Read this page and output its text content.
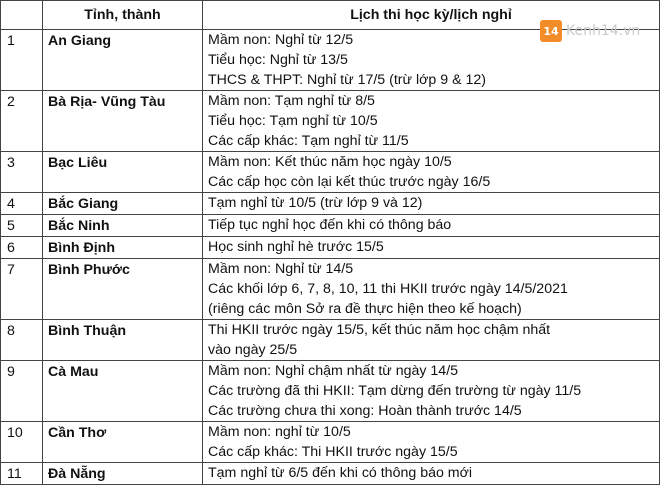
	Tỉnh, thành	Lịch thi học kỳ/lịch nghỉ

1	An Giang	Mầm non: Nghỉ từ 12/5
Tiểu học: Nghỉ từ 13/5
THCS & THPT: Nghỉ từ 17/5 (trừ lớp 9 & 12)

2	Bà Rịa- Vũng Tàu	Mầm non: Tạm nghỉ từ 8/5
Tiểu học: Tạm nghỉ từ 10/5
Các cấp khác: Tạm nghỉ từ 11/5

3	Bạc Liêu	Mầm non: Kết thúc năm học ngày 10/5
Các cấp học còn lại kết thúc trước ngày 16/5

4	Bắc Giang	Tạm nghỉ từ 10/5 (trừ lớp 9 và 12)

5	Bắc Ninh	Tiếp tục nghỉ học đến khi có thông báo

6	Bình Định	Học sinh nghỉ hè trước 15/5

7	Bình Phước	Mầm non: Nghỉ từ 14/5
Các khối lớp 6, 7, 8, 10, 11 thi HKII trước ngày 14/5/2021
(riêng các môn Sở ra đề thực hiện theo kế hoạch)

8	Bình Thuận	Thi HKII trước ngày 15/5, kết thúc năm học chậm nhất
vào ngày 25/5

9	Cà Mau	Mầm non: Nghỉ chậm nhất từ ngày 14/5
Các trường đã thi HKII: Tạm dừng đến trường từ ngày 11/5
Các trường chưa thi xong: Hoàn thành trước 14/5

10	Cần Thơ	Mầm non: nghỉ từ 10/5
Các cấp khác: Thi HKII trước ngày 15/5

11	Đà Nẵng	Tạm nghỉ từ 6/5 đến khi có thông báo mới
14 Kenh14.vn
